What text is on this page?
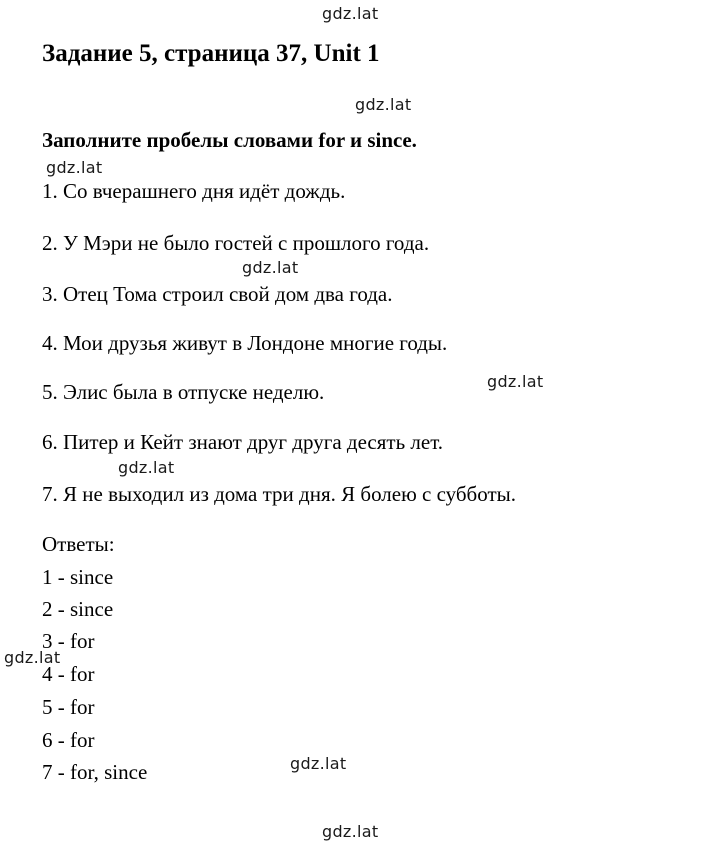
gdz.lat
gdz.lat
gdz.lat
gdz.lat
gdz.lat
gdz.lat
gdz.lat
gdz.lat
gdz.lat
Задание 5, страница 37, Unit 1
Заполните пробелы словами for и since.
1. Со вчерашнего дня идёт дождь.
2. У Мэри не было гостей с прошлого года.
3. Отец Тома строил свой дом два года.
4. Мои друзья живут в Лондоне многие годы.
5. Элис была в отпуске неделю.
6. Питер и Кейт знают друг друга десять лет.
7. Я не выходил из дома три дня. Я болею с субботы.
Ответы:
1 - since
2 - since
3 - for
4 - for
5 - for
6 - for
7 - for, since
